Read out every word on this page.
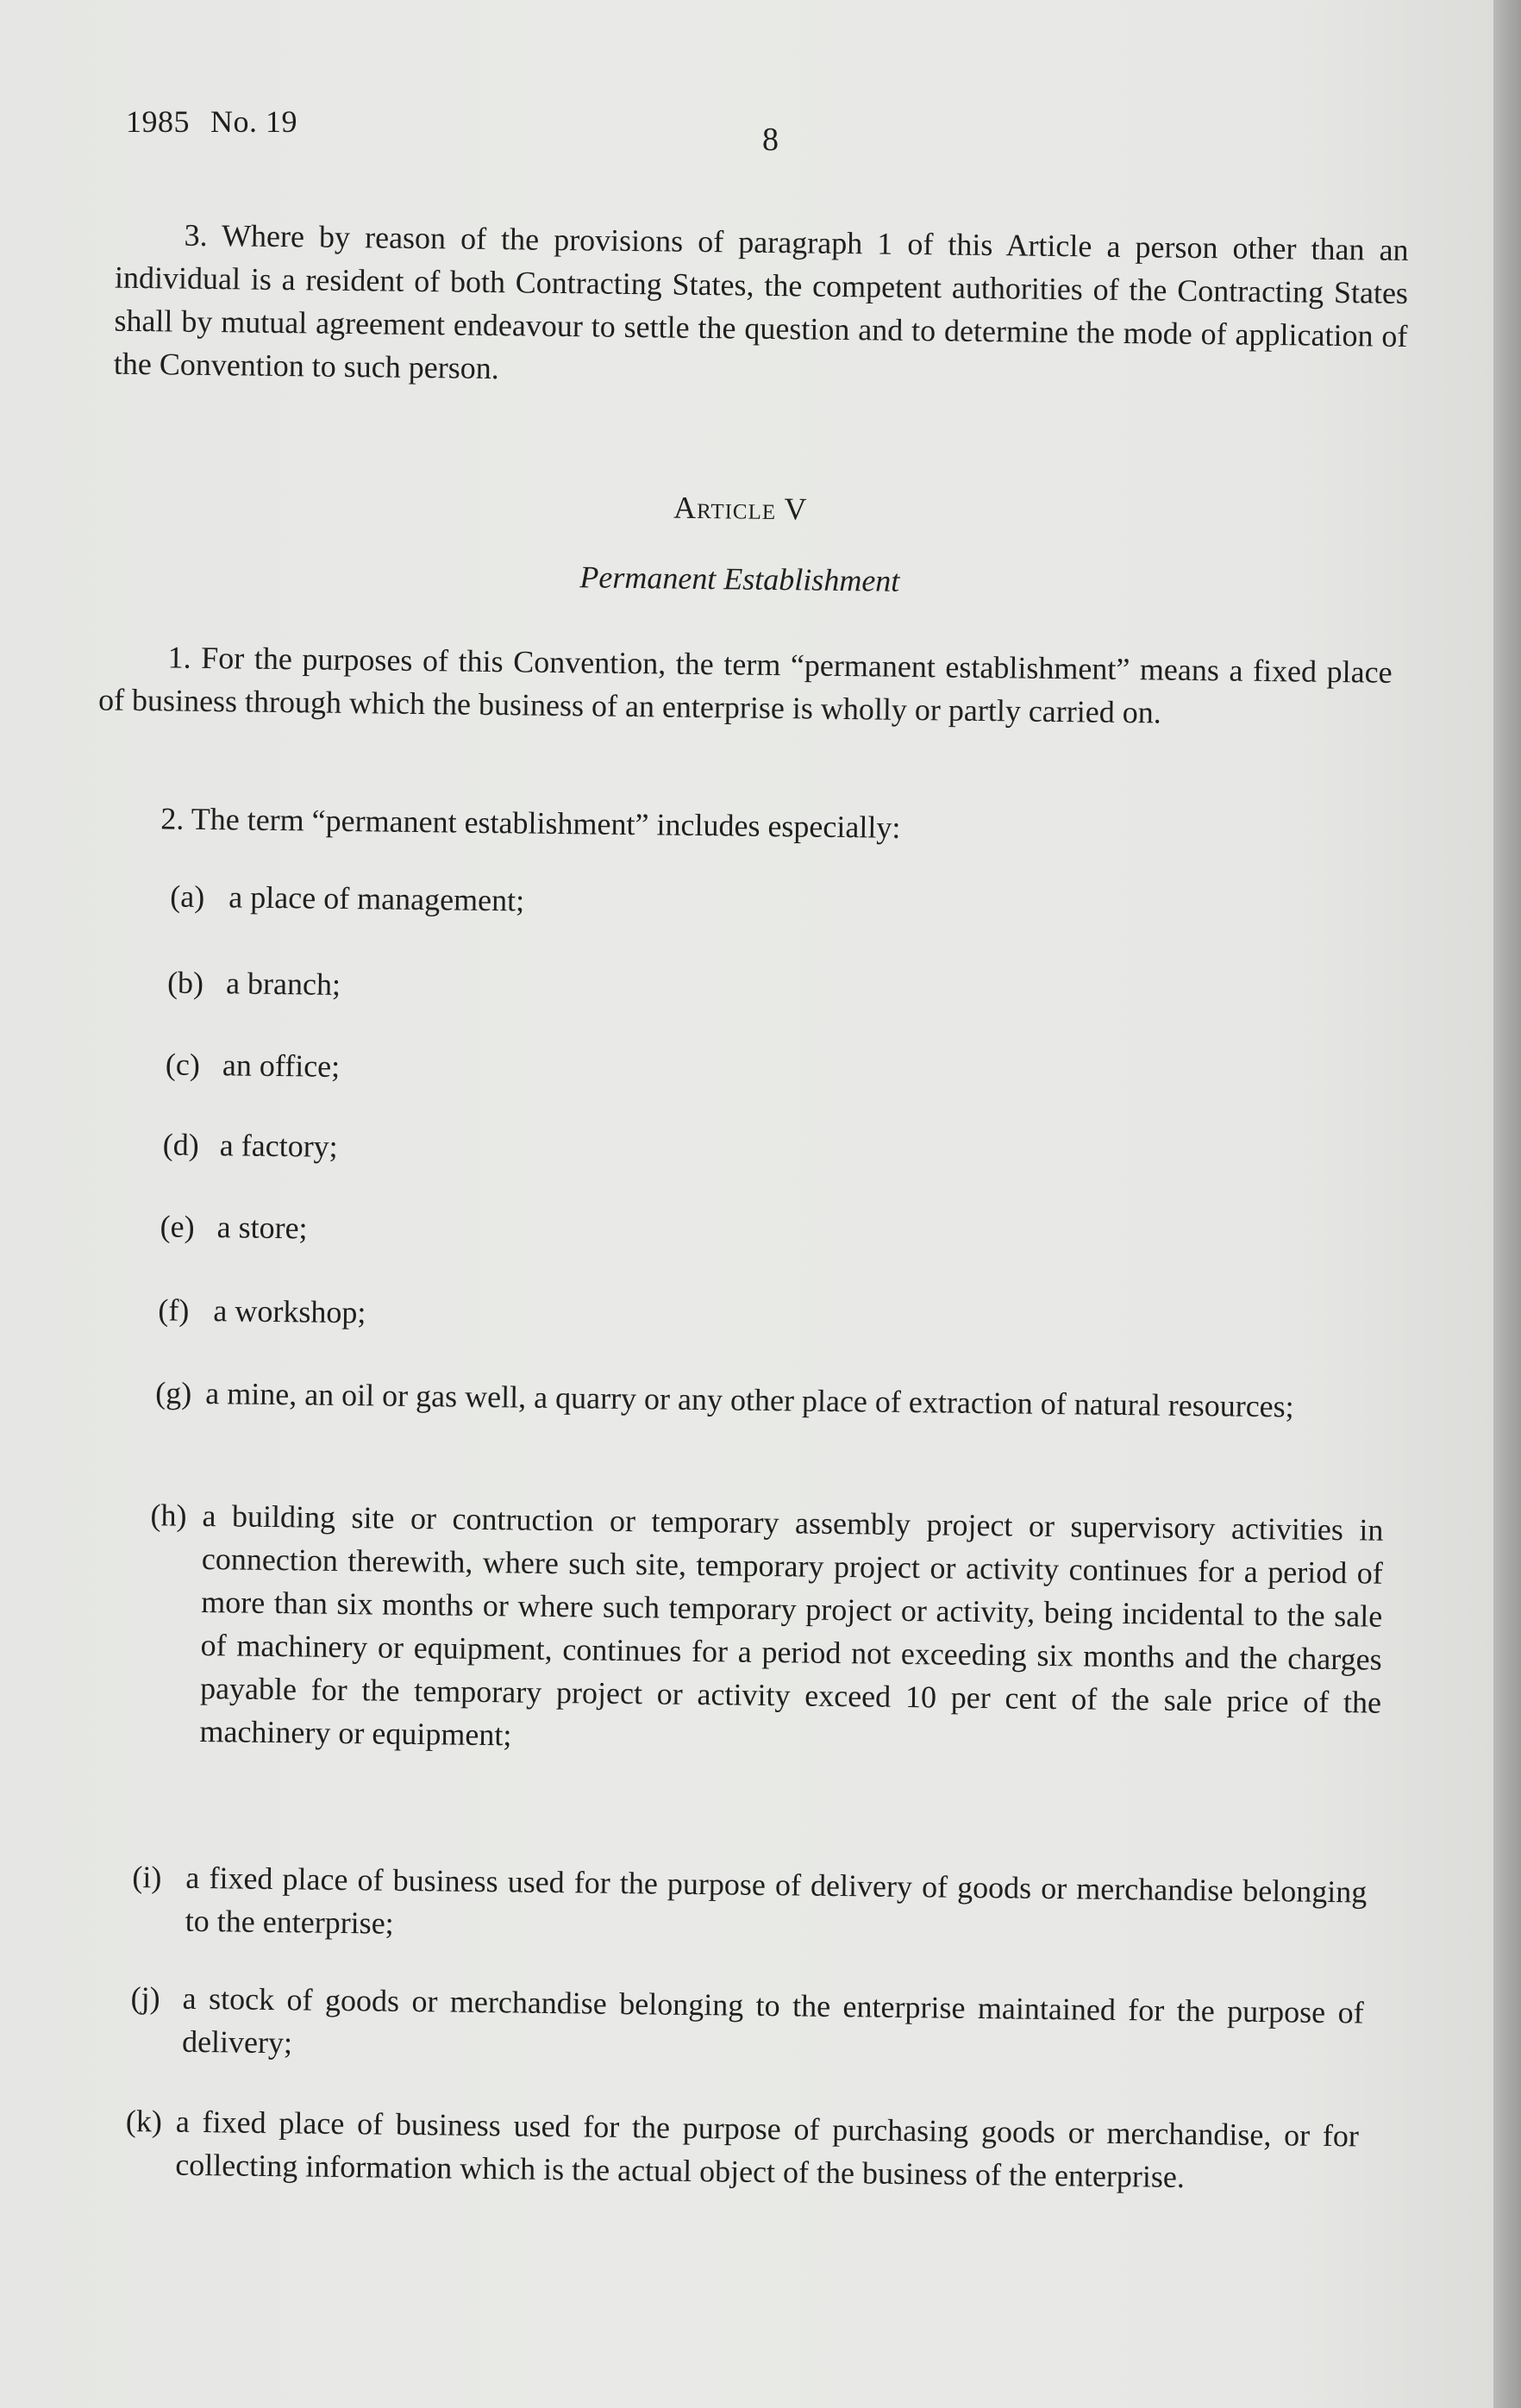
1985 No. 19	8
3. Where by reason of the provisions of paragraph 1 of this Article a person other than an individual is a resident of both Contracting States, the competent authorities of the Contracting States shall by mutual agreement endeavour to settle the question and to determine the mode of application of the Convention to such person.
Article V
Permanent Establishment
1. For the purposes of this Convention, the term “permanent establishment” means a fixed place of business through which the business of an enterprise is wholly or partly carried on.
2. The term “permanent establishment” includes especially:
(a) a place of management;
(b) a branch;
(c) an office;
(d) a factory;
(e) a store;
(f) a workshop;
(g) a mine, an oil or gas well, a quarry or any other place of extraction of natural resources;
(h) a building site or contruction or temporary assembly project or supervisory activities in connection therewith, where such site, temporary project or activity continues for a period of more than six months or where such temporary project or activity, being incidental to the sale of machinery or equipment, continues for a period not exceeding six months and the charges payable for the temporary project or activity exceed 10 per cent of the sale price of the machinery or equipment;
(i) a fixed place of business used for the purpose of delivery of goods or merchandise belonging to the enterprise;
(j) a stock of goods or merchandise belonging to the enterprise maintained for the purpose of delivery;
(k) a fixed place of business used for the purpose of purchasing goods or merchandise, or for collecting information which is the actual object of the business of the enterprise.
